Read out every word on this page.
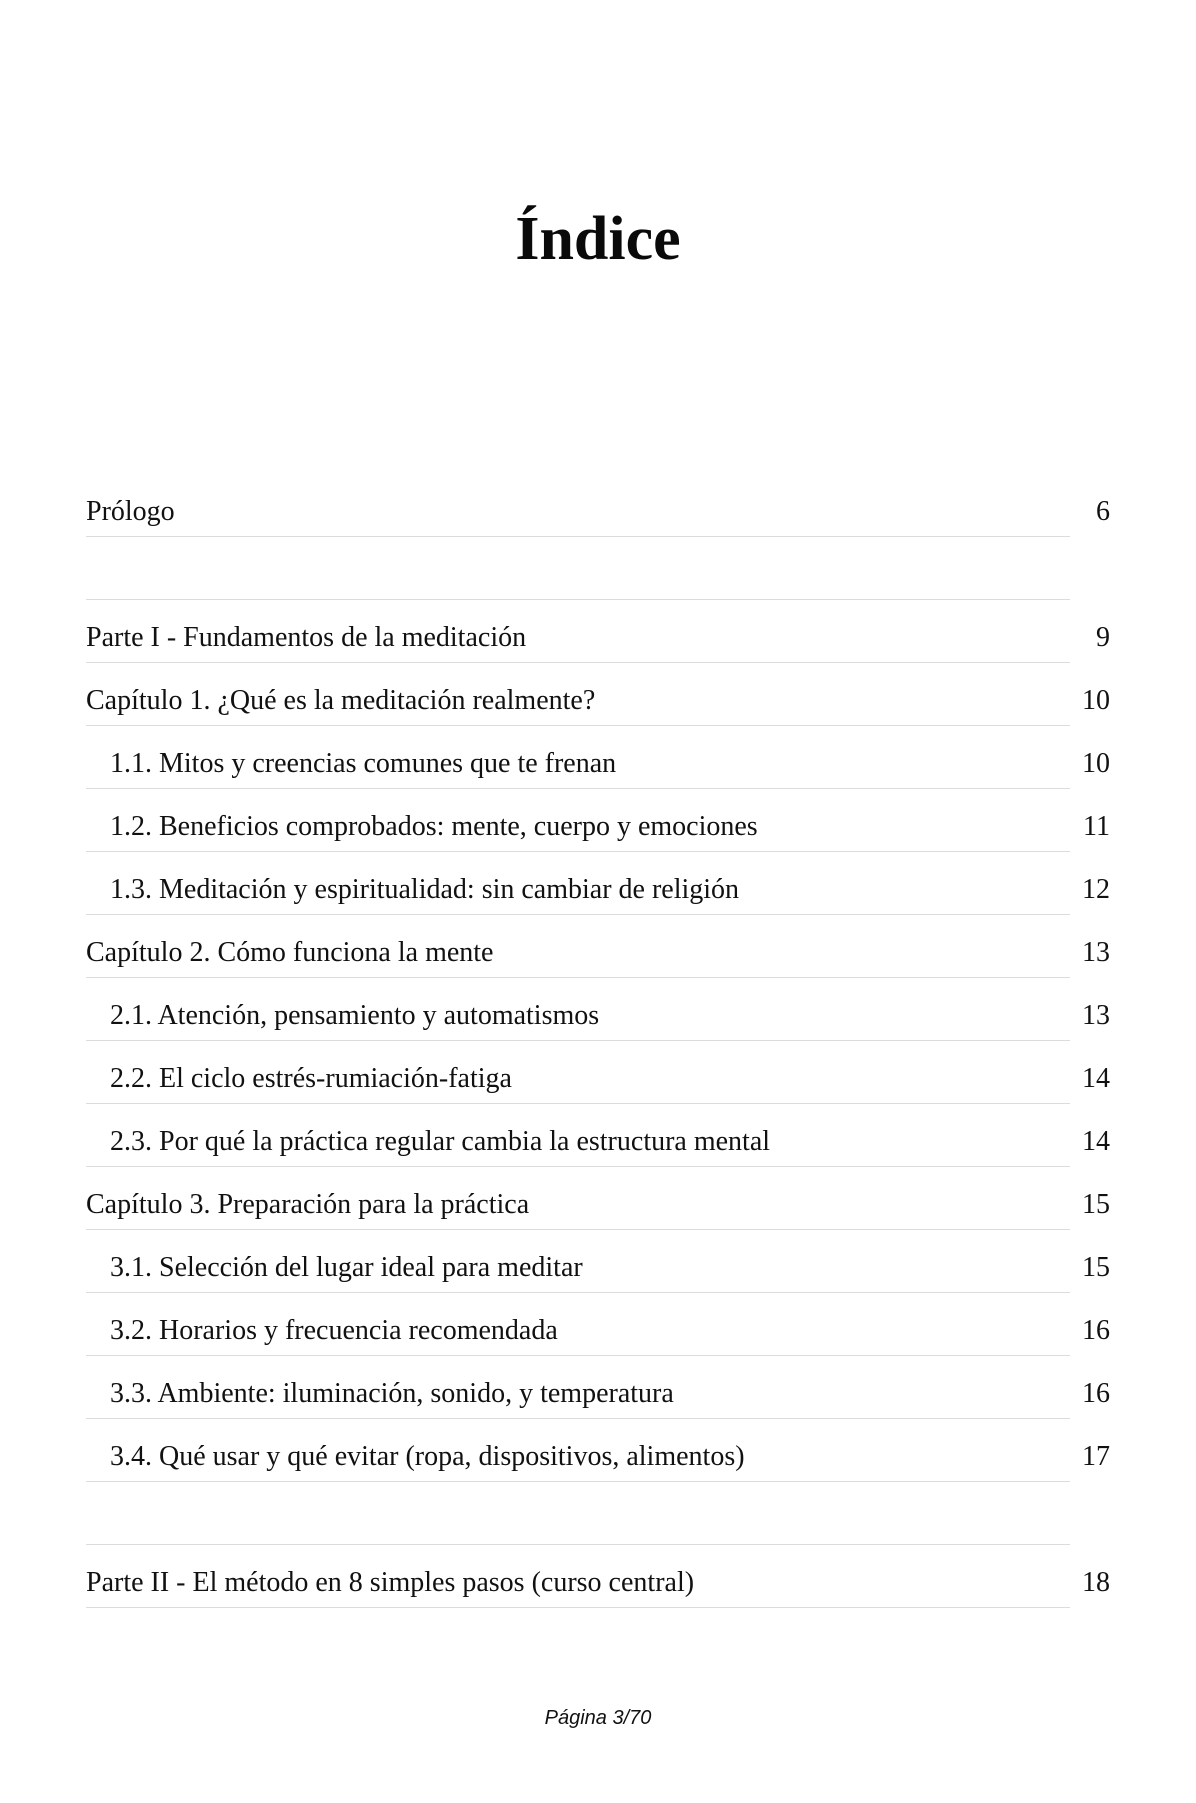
Índice
Prólogo	6
Parte I - Fundamentos de la meditación	9
Capítulo 1. ¿Qué es la meditación realmente?	10
1.1. Mitos y creencias comunes que te frenan	10
1.2. Beneficios comprobados: mente, cuerpo y emociones	11
1.3. Meditación y espiritualidad: sin cambiar de religión	12
Capítulo 2. Cómo funciona la mente	13
2.1. Atención, pensamiento y automatismos	13
2.2. El ciclo estrés-rumiación-fatiga	14
2.3. Por qué la práctica regular cambia la estructura mental	14
Capítulo 3. Preparación para la práctica	15
3.1. Selección del lugar ideal para meditar	15
3.2. Horarios y frecuencia recomendada	16
3.3. Ambiente: iluminación, sonido, y temperatura	16
3.4. Qué usar y qué evitar (ropa, dispositivos, alimentos)	17
Parte II - El método en 8 simples pasos (curso central)	18
Página 3/70
